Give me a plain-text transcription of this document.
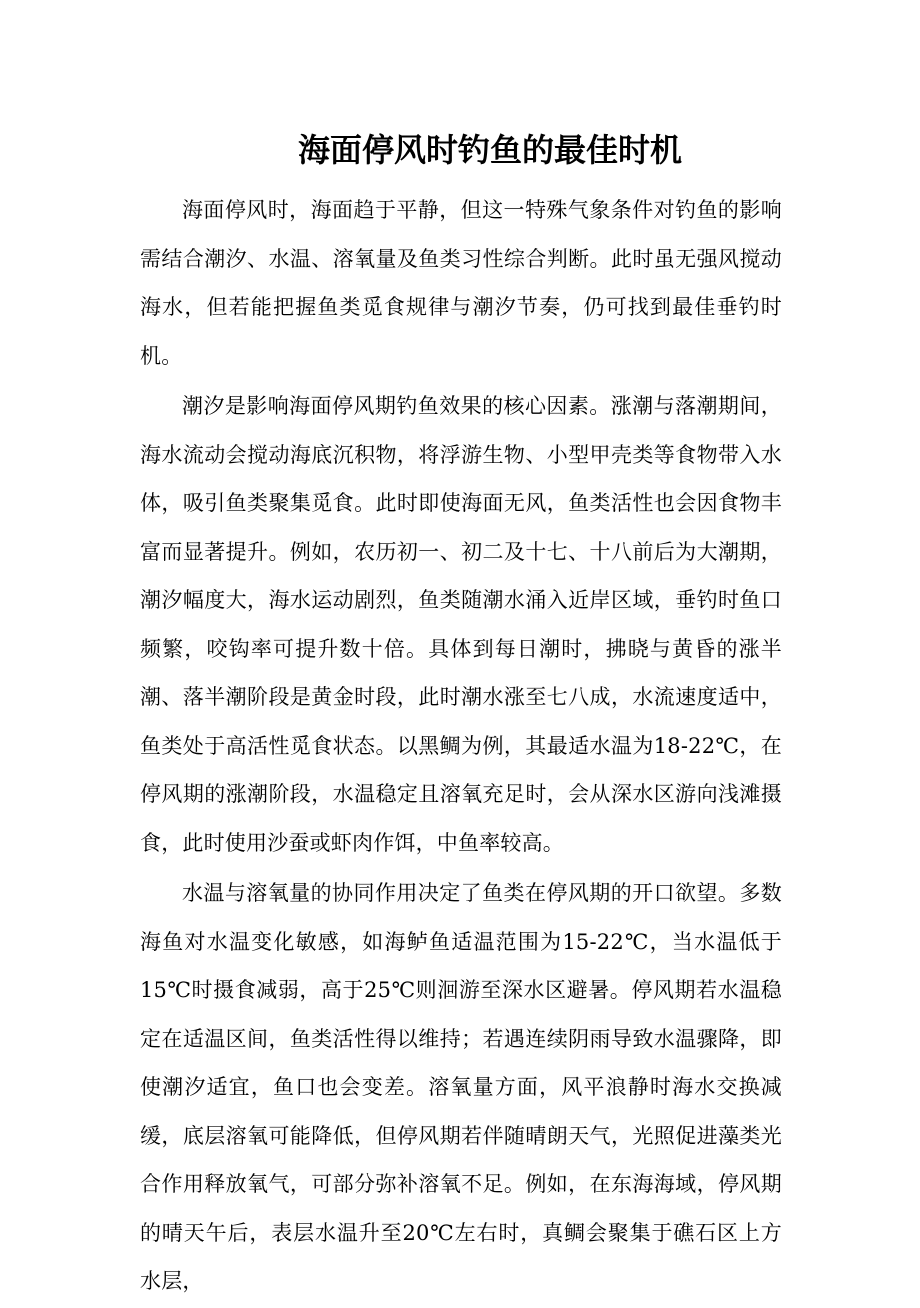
海面停风时钓鱼的最佳时机

海面停风时，海面趋于平静，但这一特殊气象条件对钓鱼的影响需结合潮汐、水温、溶氧量及鱼类习性综合判断。此时虽无强风搅动海水，但若能把握鱼类觅食规律与潮汐节奏，仍可找到最佳垂钓时机。

潮汐是影响海面停风期钓鱼效果的核心因素。涨潮与落潮期间，海水流动会搅动海底沉积物，将浮游生物、小型甲壳类等食物带入水体，吸引鱼类聚集觅食。此时即使海面无风，鱼类活性也会因食物丰富而显著提升。例如，农历初一、初二及十七、十八前后为大潮期，潮汐幅度大，海水运动剧烈，鱼类随潮水涌入近岸区域，垂钓时鱼口频繁，咬钩率可提升数十倍。具体到每日潮时，拂晓与黄昏的涨半潮、落半潮阶段是黄金时段，此时潮水涨至七八成，水流速度适中，鱼类处于高活性觅食状态。以黑鲷为例，其最适水温为18-22℃，在停风期的涨潮阶段，水温稳定且溶氧充足时，会从深水区游向浅滩摄食，此时使用沙蚕或虾肉作饵，中鱼率较高。

水温与溶氧量的协同作用决定了鱼类在停风期的开口欲望。多数海鱼对水温变化敏感，如海鲈鱼适温范围为15-22℃，当水温低于15℃时摄食减弱，高于25℃则洄游至深水区避暑。停风期若水温稳定在适温区间，鱼类活性得以维持；若遇连续阴雨导致水温骤降，即使潮汐适宜，鱼口也会变差。溶氧量方面，风平浪静时海水交换减缓，底层溶氧可能降低，但停风期若伴随晴朗天气，光照促进藻类光合作用释放氧气，可部分弥补溶氧不足。例如，在东海海域，停风期的晴天午后，表层水温升至20℃左右时，真鲷会聚集于礁石区上方水层，
